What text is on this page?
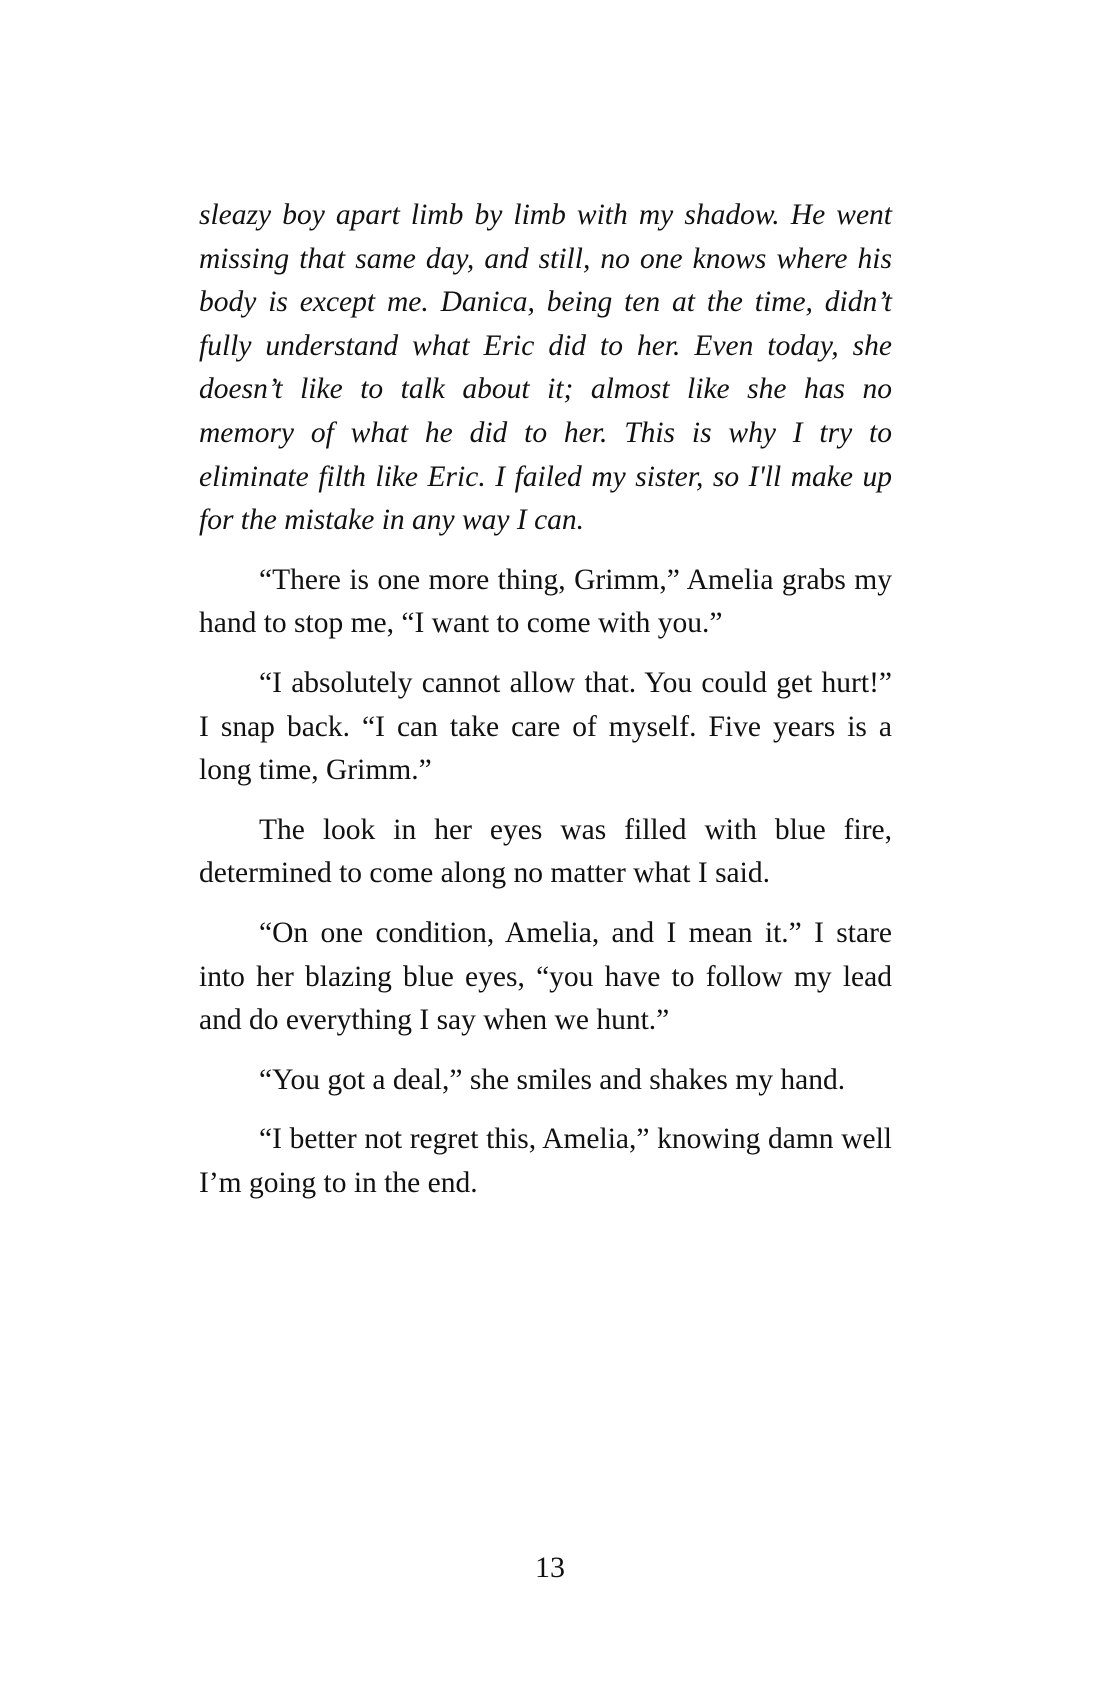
sleazy boy apart limb by limb with my shadow. He went missing that same day, and still, no one knows where his body is except me. Danica, being ten at the time, didn’t fully understand what Eric did to her. Even today, she doesn’t like to talk about it; almost like she has no memory of what he did to her. This is why I try to eliminate filth like Eric. I failed my sister, so I'll make up for the mistake in any way I can.

“There is one more thing, Grimm,” Amelia grabs my hand to stop me, “I want to come with you.”

“I absolutely cannot allow that. You could get hurt!” I snap back. “I can take care of myself. Five years is a long time, Grimm.”

The look in her eyes was filled with blue fire, determined to come along no matter what I said.

“On one condition, Amelia, and I mean it.” I stare into her blazing blue eyes, “you have to follow my lead and do everything I say when we hunt.”

“You got a deal,” she smiles and shakes my hand.

“I better not regret this, Amelia,” knowing damn well I’m going to in the end.

13
